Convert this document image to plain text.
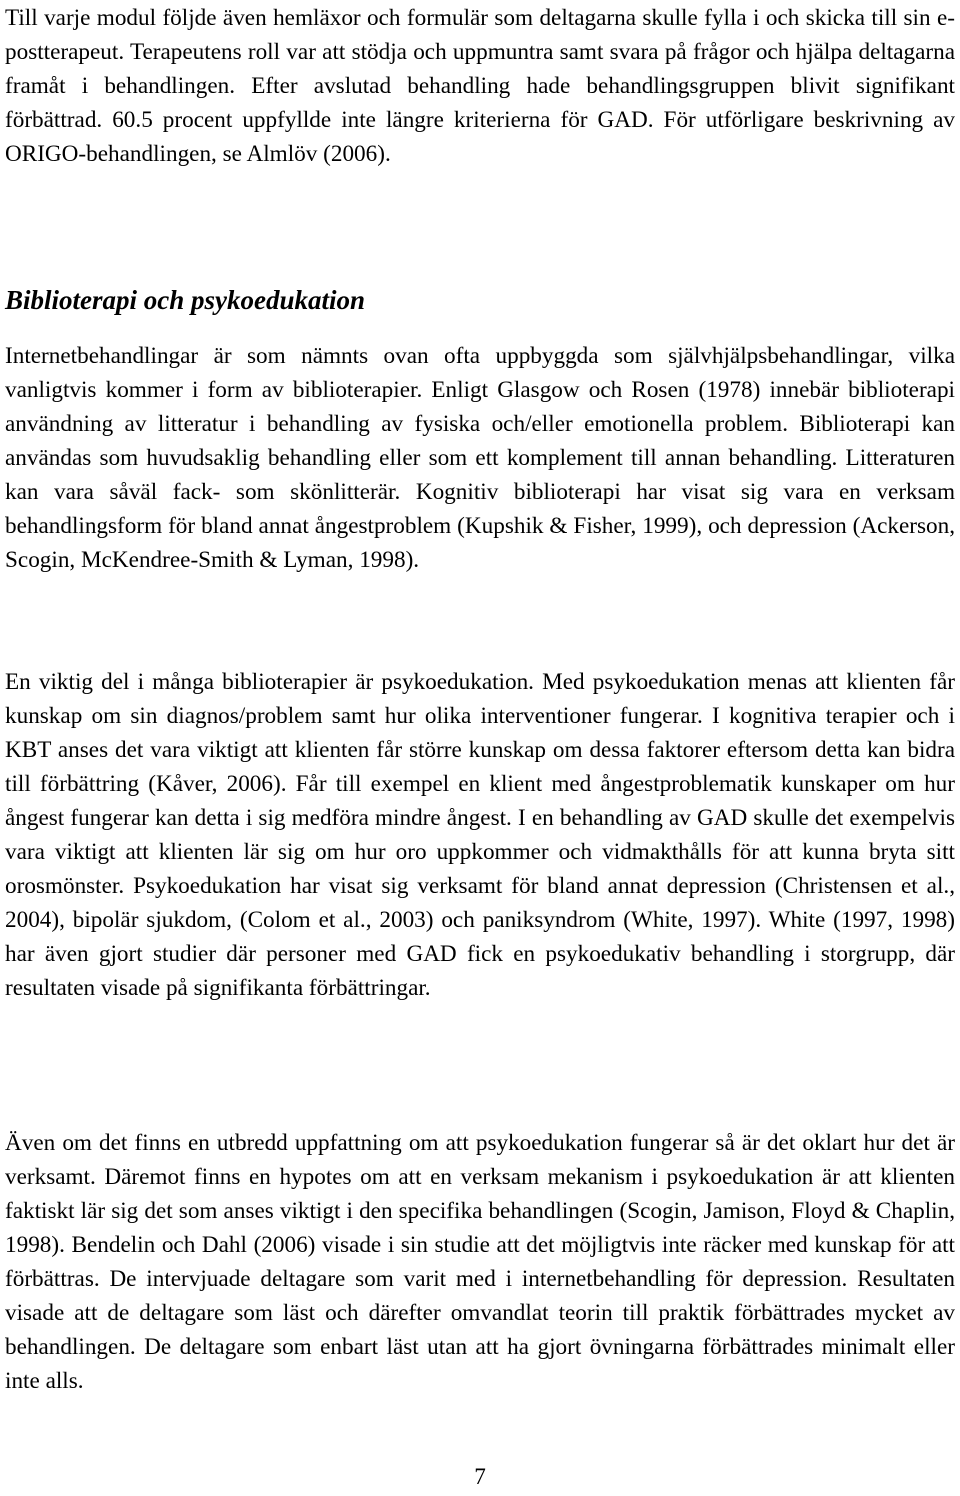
Till varje modul följde även hemläxor och formulär som deltagarna skulle fylla i och skicka till sin e-postterapeut. Terapeutens roll var att stödja och uppmuntra samt svara på frågor och hjälpa deltagarna framåt i behandlingen. Efter avslutad behandling hade behandlingsgruppen blivit signifikant förbättrad. 60.5 procent uppfyllde inte längre kriterierna för GAD. För utförligare beskrivning av ORIGO-behandlingen, se Almlöv (2006).

Biblioterapi och psykoedukation

Internetbehandlingar är som nämnts ovan ofta uppbyggda som självhjälpsbehandlingar, vilka vanligtvis kommer i form av biblioterapier. Enligt Glasgow och Rosen (1978) innebär biblioterapi användning av litteratur i behandling av fysiska och/eller emotionella problem. Biblioterapi kan användas som huvudsaklig behandling eller som ett komplement till annan behandling. Litteraturen kan vara såväl fack- som skönlitterär. Kognitiv biblioterapi har visat sig vara en verksam behandlingsform för bland annat ångestproblem (Kupshik & Fisher, 1999), och depression (Ackerson, Scogin, McKendree-Smith & Lyman, 1998).

En viktig del i många biblioterapier är psykoedukation. Med psykoedukation menas att klienten får kunskap om sin diagnos/problem samt hur olika interventioner fungerar. I kognitiva terapier och i KBT anses det vara viktigt att klienten får större kunskap om dessa faktorer eftersom detta kan bidra till förbättring (Kåver, 2006). Får till exempel en klient med ångestproblematik kunskaper om hur ångest fungerar kan detta i sig medföra mindre ångest. I en behandling av GAD skulle det exempelvis vara viktigt att klienten lär sig om hur oro uppkommer och vidmakthålls för att kunna bryta sitt orosmönster. Psykoedukation har visat sig verksamt för bland annat depression (Christensen et al., 2004), bipolär sjukdom, (Colom et al., 2003) och paniksyndrom (White, 1997). White (1997, 1998) har även gjort studier där personer med GAD fick en psykoedukativ behandling i storgrupp, där resultaten visade på signifikanta förbättringar.

Även om det finns en utbredd uppfattning om att psykoedukation fungerar så är det oklart hur det är verksamt. Däremot finns en hypotes om att en verksam mekanism i psykoedukation är att klienten faktiskt lär sig det som anses viktigt i den specifika behandlingen (Scogin, Jamison, Floyd & Chaplin, 1998). Bendelin och Dahl (2006) visade i sin studie att det möjligtvis inte räcker med kunskap för att förbättras. De intervjuade deltagare som varit med i internetbehandling för depression. Resultaten visade att de deltagare som läst och därefter omvandlat teorin till praktik förbättrades mycket av behandlingen. De deltagare som enbart läst utan att ha gjort övningarna förbättrades minimalt eller inte alls.

7
